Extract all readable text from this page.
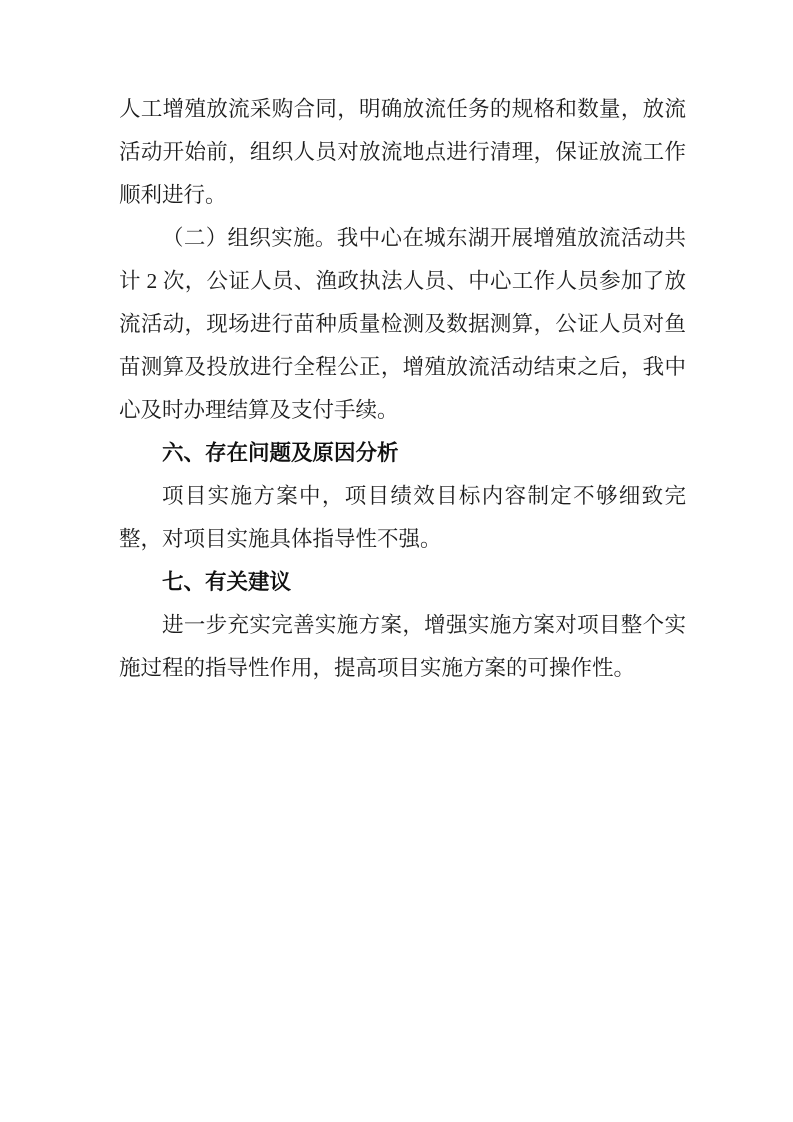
人工增殖放流采购合同，明确放流任务的规格和数量，放流

活动开始前，组织人员对放流地点进行清理，保证放流工作

顺利进行。

（二）组织实施。我中心在城东湖开展增殖放流活动共

计 2 次，公证人员、渔政执法人员、中心工作人员参加了放

流活动，现场进行苗种质量检测及数据测算，公证人员对鱼

苗测算及投放进行全程公正，增殖放流活动结束之后，我中

心及时办理结算及支付手续。

六、存在问题及原因分析

项目实施方案中，项目绩效目标内容制定不够细致完

整，对项目实施具体指导性不强。

七、有关建议

进一步充实完善实施方案，增强实施方案对项目整个实

施过程的指导性作用，提高项目实施方案的可操作性。
